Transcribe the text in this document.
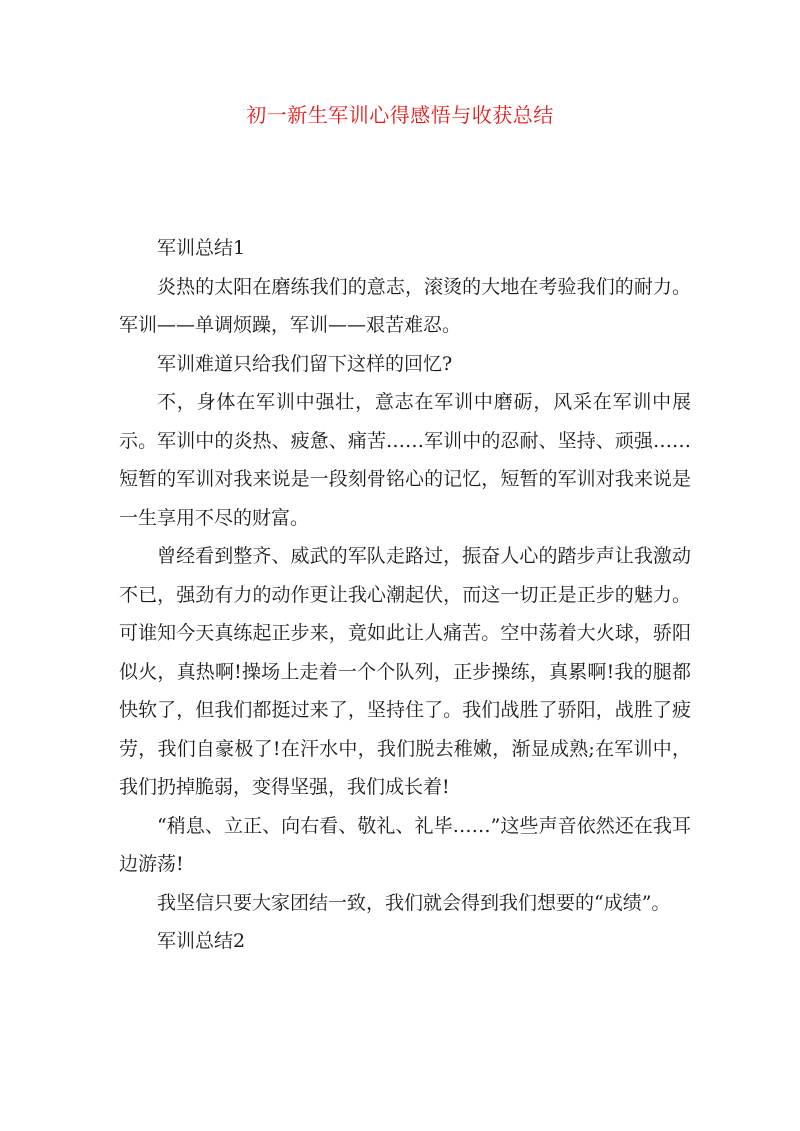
初一新生军训心得感悟与收获总结

军训总结1

炎热的太阳在磨练我们的意志，滚烫的大地在考验我们的耐力。军训——单调烦躁，军训——艰苦难忍。

军训难道只给我们留下这样的回忆?

不，身体在军训中强壮，意志在军训中磨砺，风采在军训中展示。军训中的炎热、疲惫、痛苦……军训中的忍耐、坚持、顽强……短暂的军训对我来说是一段刻骨铭心的记忆，短暂的军训对我来说是一生享用不尽的财富。

曾经看到整齐、威武的军队走路过，振奋人心的踏步声让我激动不已，强劲有力的动作更让我心潮起伏，而这一切正是正步的魅力。可谁知今天真练起正步来，竟如此让人痛苦。空中荡着大火球，骄阳似火，真热啊!操场上走着一个个队列，正步操练，真累啊!我的腿都快软了，但我们都挺过来了，坚持住了。我们战胜了骄阳，战胜了疲劳，我们自豪极了!在汗水中，我们脱去稚嫩，渐显成熟;在军训中，我们扔掉脆弱，变得坚强，我们成长着!

“稍息、立正、向右看、敬礼、礼毕……”这些声音依然还在我耳边游荡!

我坚信只要大家团结一致，我们就会得到我们想要的“成绩”。

军训总结2
